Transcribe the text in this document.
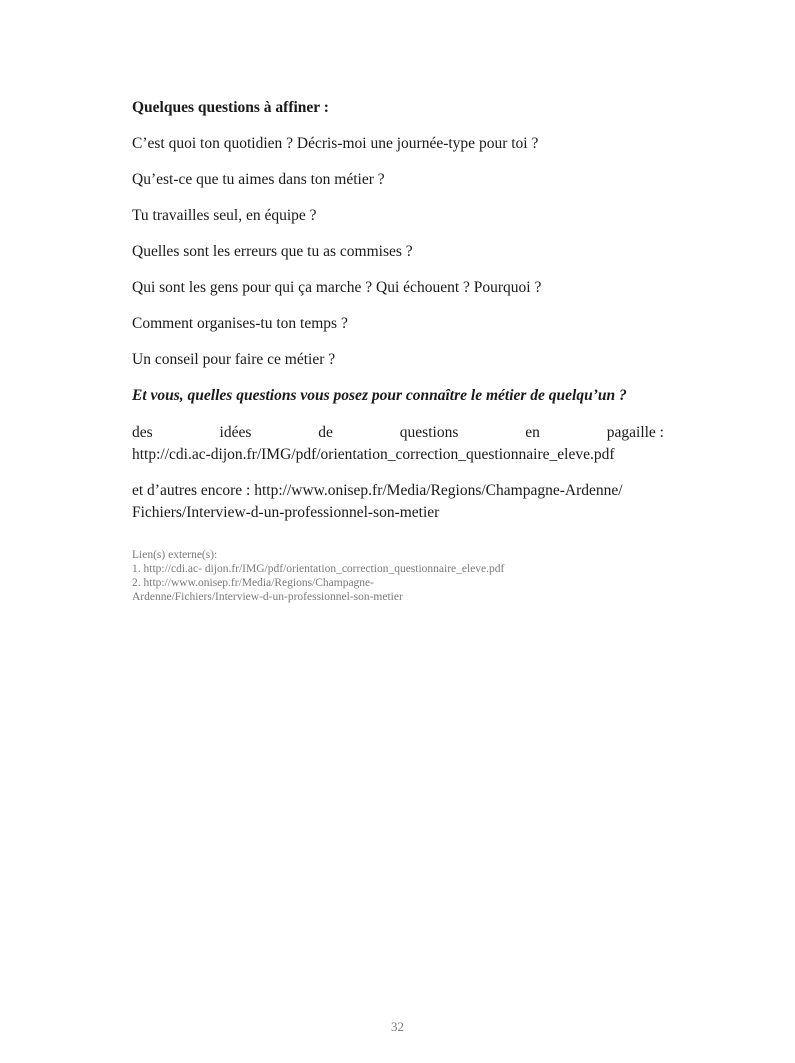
Quelques questions à affiner :

C’est quoi ton quotidien ? Décris-moi une journée-type pour toi ?

Qu’est-ce que tu aimes dans ton métier ?

Tu travailles seul, en équipe ?

Quelles sont les erreurs que tu as commises ?

Qui sont les gens pour qui ça marche ? Qui échouent ? Pourquoi ?

Comment organises-tu ton temps ?

Un conseil pour faire ce métier ?

Et vous, quelles questions vous posez pour connaître le métier de quelqu’un ?

des	idées	de	questions	en	pagaille :
http://cdi.ac-dijon.fr/IMG/pdf/orientation_correction_questionnaire_eleve.pdf
et d’autres encore : http://www.onisep.fr/Media/Regions/Champagne-Ardenne/
Fichiers/Interview-d-un-professionnel-son-metier
Lien(s) externe(s):
1. http://cdi.ac- dijon.fr/IMG/pdf/orientation_correction_questionnaire_eleve.pdf
2. http://www.onisep.fr/Media/Regions/Champagne-
Ardenne/Fichiers/Interview-d-un-professionnel-son-metier
32
